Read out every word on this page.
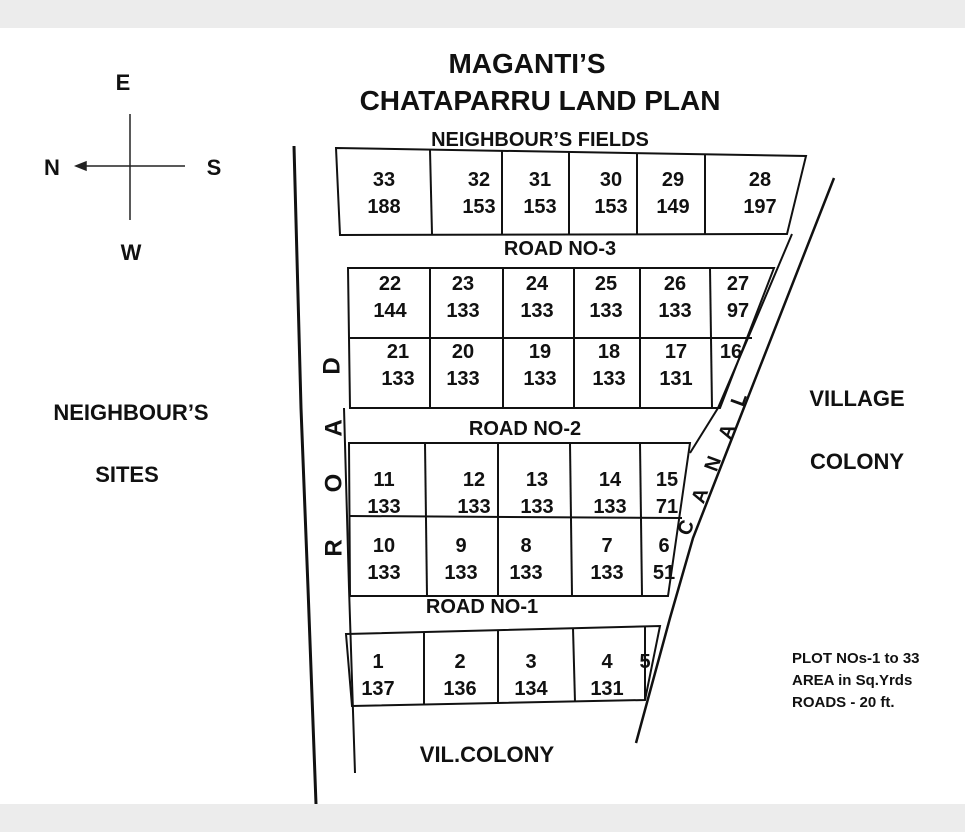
33
188
32
153
31
153
30
153
29
149
28
197
22
144
23
133
24
133
25
133
26
133
27
97
21
133
20
133
19
133
18
133
17
131
16
11
133
12
133
13
133
14
133
15
71
10
133
9
133
8
133
7
133
6
51
1
137
2
136
3
134
4
131
5
ROAD NO-3
ROAD NO-2
ROAD NO-1
NEIGHBOUR’S FIELDS
R
O
A
D
C
A
N
A
L
E
N	S
W
MAGANTI’S
CHATAPARRU LAND PLAN
NEIGHBOUR’S
SITES
VILLAGE
COLONY
VIL.COLONY
PLOT NOs-1 to 33
AREA in Sq.Yrds
ROADS - 20 ft.
